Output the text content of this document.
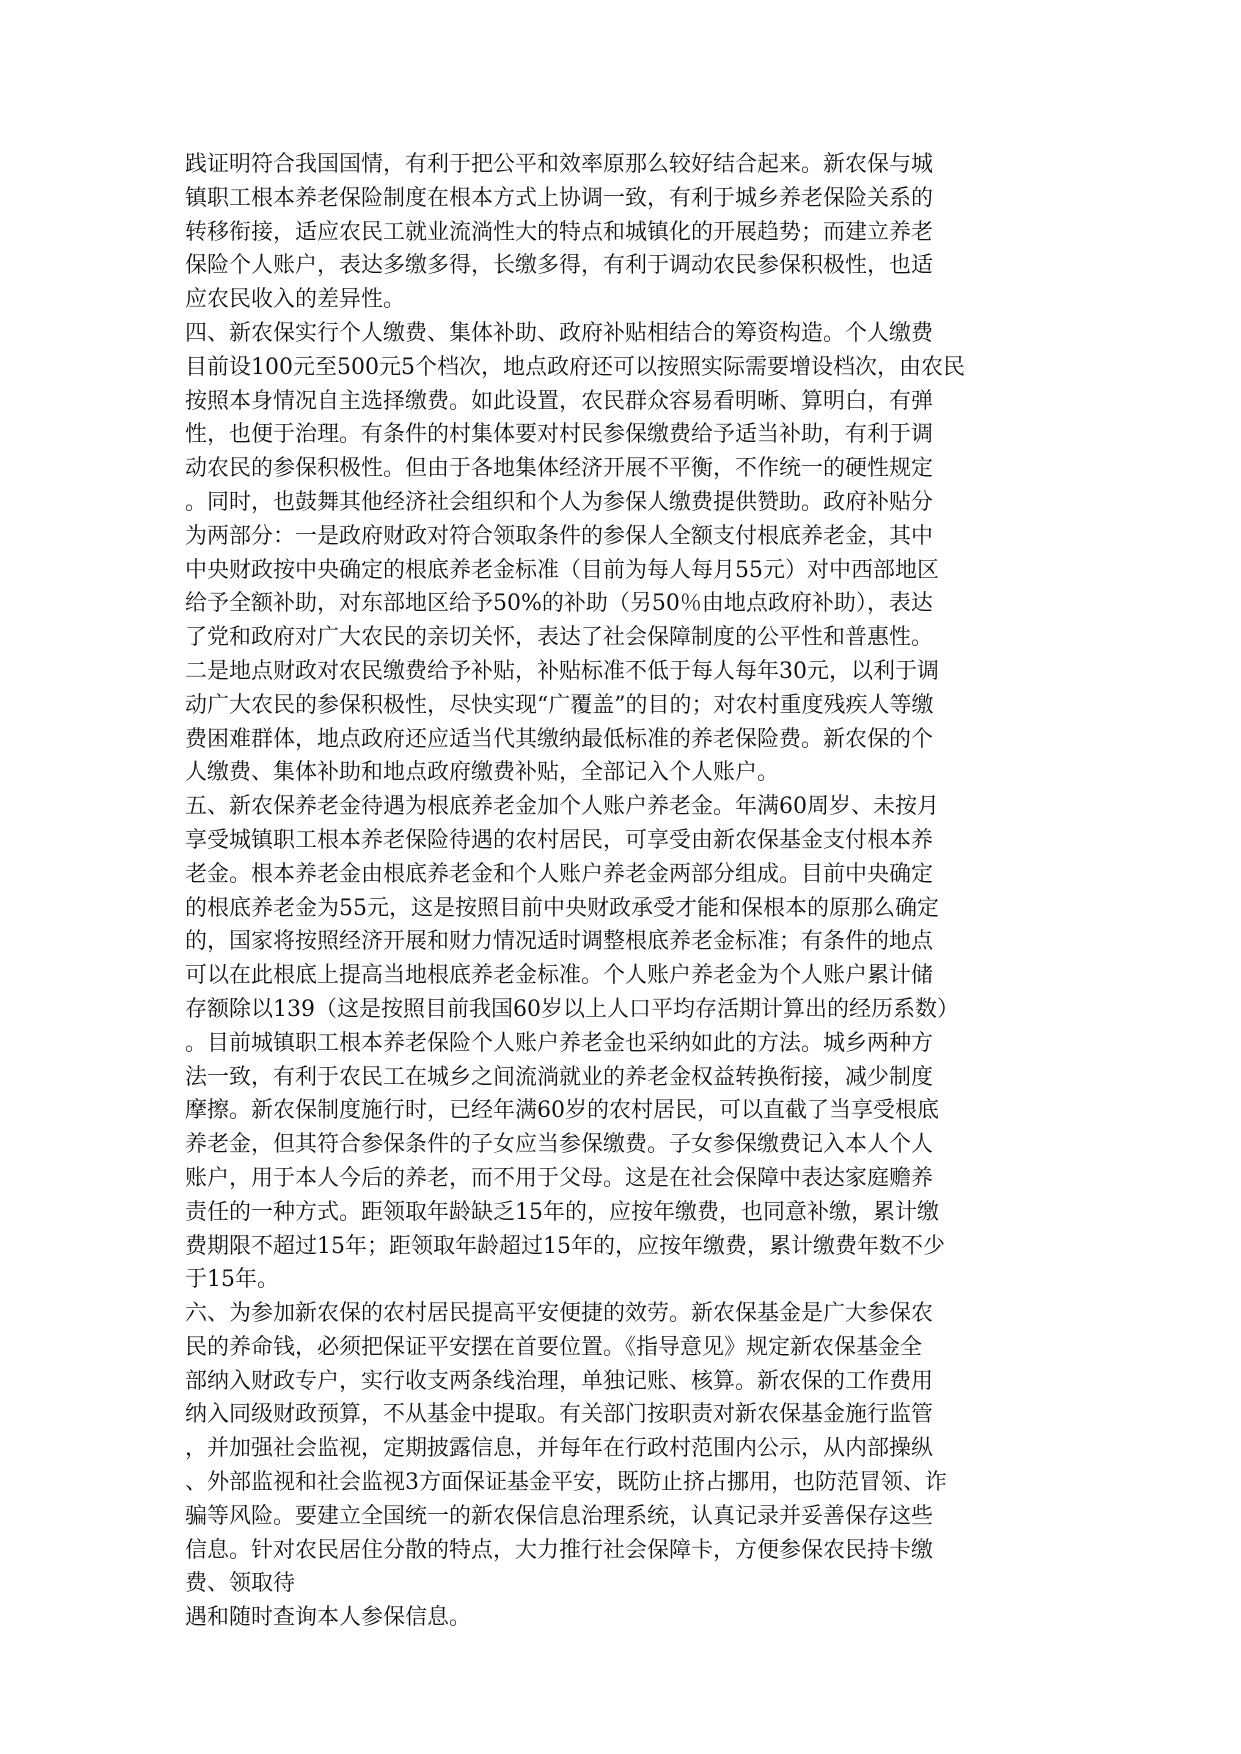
践证明符合我国国情，有利于把公平和效率原那么较好结合起来。新农保与城
镇职工根本养老保险制度在根本方式上协调一致，有利于城乡养老保险关系的
转移衔接，适应农民工就业流淌性大的特点和城镇化的开展趋势；而建立养老
保险个人账户，表达多缴多得，长缴多得，有利于调动农民参保积极性，也适
应农民收入的差异性。
四、新农保实行个人缴费、集体补助、政府补贴相结合的筹资构造。个人缴费
目前设100元至500元5个档次，地点政府还可以按照实际需要增设档次，由农民
按照本身情况自主选择缴费。如此设置，农民群众容易看明晰、算明白，有弹
性，也便于治理。有条件的村集体要对村民参保缴费给予适当补助，有利于调
动农民的参保积极性。但由于各地集体经济开展不平衡，不作统一的硬性规定
。同时，也鼓舞其他经济社会组织和个人为参保人缴费提供赞助。政府补贴分
为两部分：一是政府财政对符合领取条件的参保人全额支付根底养老金，其中
中央财政按中央确定的根底养老金标准（目前为每人每月55元）对中西部地区
给予全额补助，对东部地区给予50%的补助（另50％由地点政府补助），表达
了党和政府对广大农民的亲切关怀，表达了社会保障制度的公平性和普惠性。
二是地点财政对农民缴费给予补贴，补贴标准不低于每人每年30元，以利于调
动广大农民的参保积极性，尽快实现“广覆盖”的目的；对农村重度残疾人等缴
费困难群体，地点政府还应适当代其缴纳最低标准的养老保险费。新农保的个
人缴费、集体补助和地点政府缴费补贴，全部记入个人账户。
五、新农保养老金待遇为根底养老金加个人账户养老金。年满60周岁、未按月
享受城镇职工根本养老保险待遇的农村居民，可享受由新农保基金支付根本养
老金。根本养老金由根底养老金和个人账户养老金两部分组成。目前中央确定
的根底养老金为55元，这是按照目前中央财政承受才能和保根本的原那么确定
的，国家将按照经济开展和财力情况适时调整根底养老金标准；有条件的地点
可以在此根底上提高当地根底养老金标准。个人账户养老金为个人账户累计储
存额除以139（这是按照目前我国60岁以上人口平均存活期计算出的经历系数）
。目前城镇职工根本养老保险个人账户养老金也采纳如此的方法。城乡两种方
法一致，有利于农民工在城乡之间流淌就业的养老金权益转换衔接，减少制度
摩擦。新农保制度施行时，已经年满60岁的农村居民，可以直截了当享受根底
养老金，但其符合参保条件的子女应当参保缴费。子女参保缴费记入本人个人
账户，用于本人今后的养老，而不用于父母。这是在社会保障中表达家庭赡养
责任的一种方式。距领取年龄缺乏15年的，应按年缴费，也同意补缴，累计缴
费期限不超过15年；距领取年龄超过15年的，应按年缴费，累计缴费年数不少
于15年。
六、为参加新农保的农村居民提高平安便捷的效劳。新农保基金是广大参保农
民的养命钱，必须把保证平安摆在首要位置。《指导意见》规定新农保基金全
部纳入财政专户，实行收支两条线治理，单独记账、核算。新农保的工作费用
纳入同级财政预算，不从基金中提取。有关部门按职责对新农保基金施行监管
，并加强社会监视，定期披露信息，并每年在行政村范围内公示，从内部操纵
、外部监视和社会监视3方面保证基金平安，既防止挤占挪用，也防范冒领、诈
骗等风险。要建立全国统一的新农保信息治理系统，认真记录并妥善保存这些
信息。针对农民居住分散的特点，大力推行社会保障卡，方便参保农民持卡缴
费、领取待
遇和随时查询本人参保信息。
